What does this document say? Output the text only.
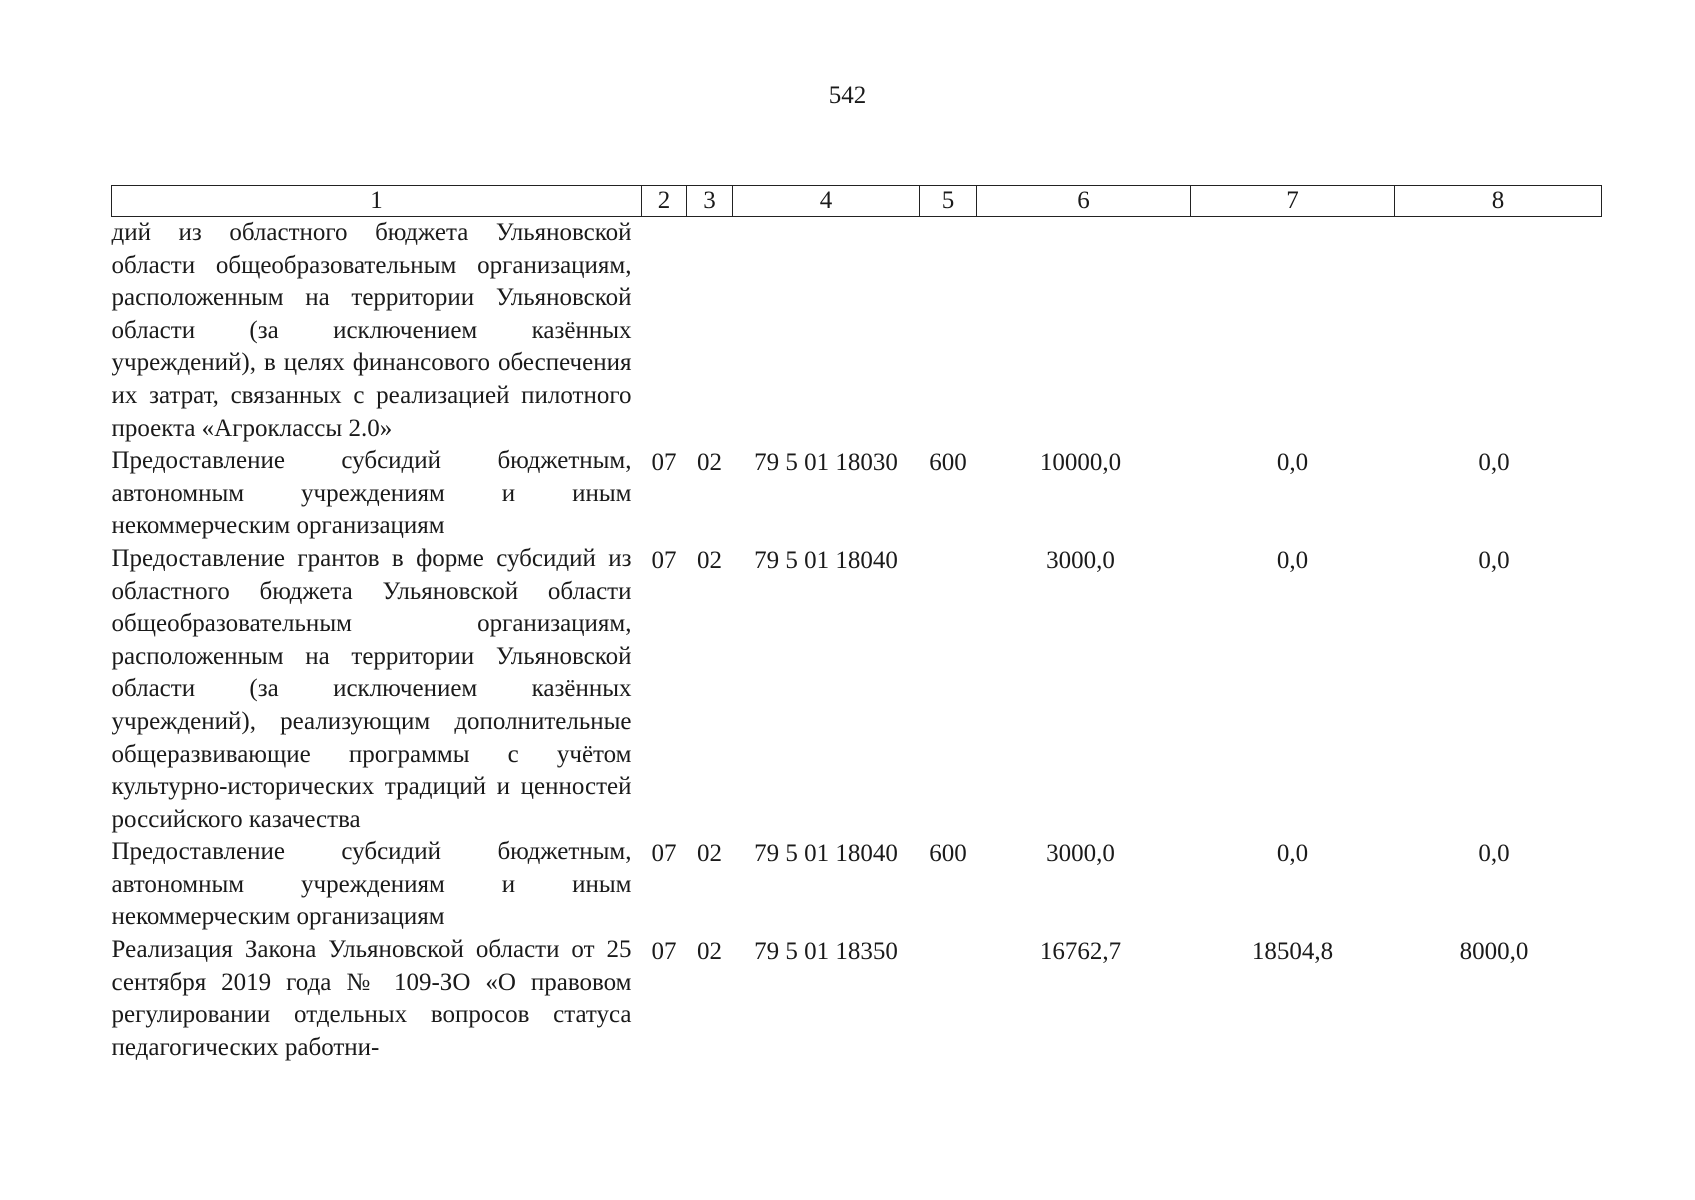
542
1	2	3	4	5	6	7	8
дий из областного бюджета Ульяновской области общеобразовательным организациям, расположенным на территории Ульяновской области (за исключением казённых учреждений), в целях финансового обеспечения их затрат, связанных с реализацией пилотного проекта «Агроклассы 2.0»							
Предоставление субсидий бюджетным, автономным учреждениям и иным некоммерческим организациям	07	02	79 5 01 18030	600	10000,0	0,0	0,0
Предоставление грантов в форме субсидий из областного бюджета Ульяновской области общеобразовательным организациям, расположенным на территории Ульяновской области (за исключением казённых учреждений), реализующим дополнительные общеразвивающие программы с учётом культурно-исторических традиций и ценностей российского казачества	07	02	79 5 01 18040		3000,0	0,0	0,0
Предоставление субсидий бюджетным, автономным учреждениям и иным некоммерческим организациям	07	02	79 5 01 18040	600	3000,0	0,0	0,0
Реализация Закона Ульяновской области от 25 сентября 2019 года № 109-ЗО «О правовом регулировании отдельных вопросов статуса педагогических работни-	07	02	79 5 01 18350		16762,7	18504,8	8000,0
